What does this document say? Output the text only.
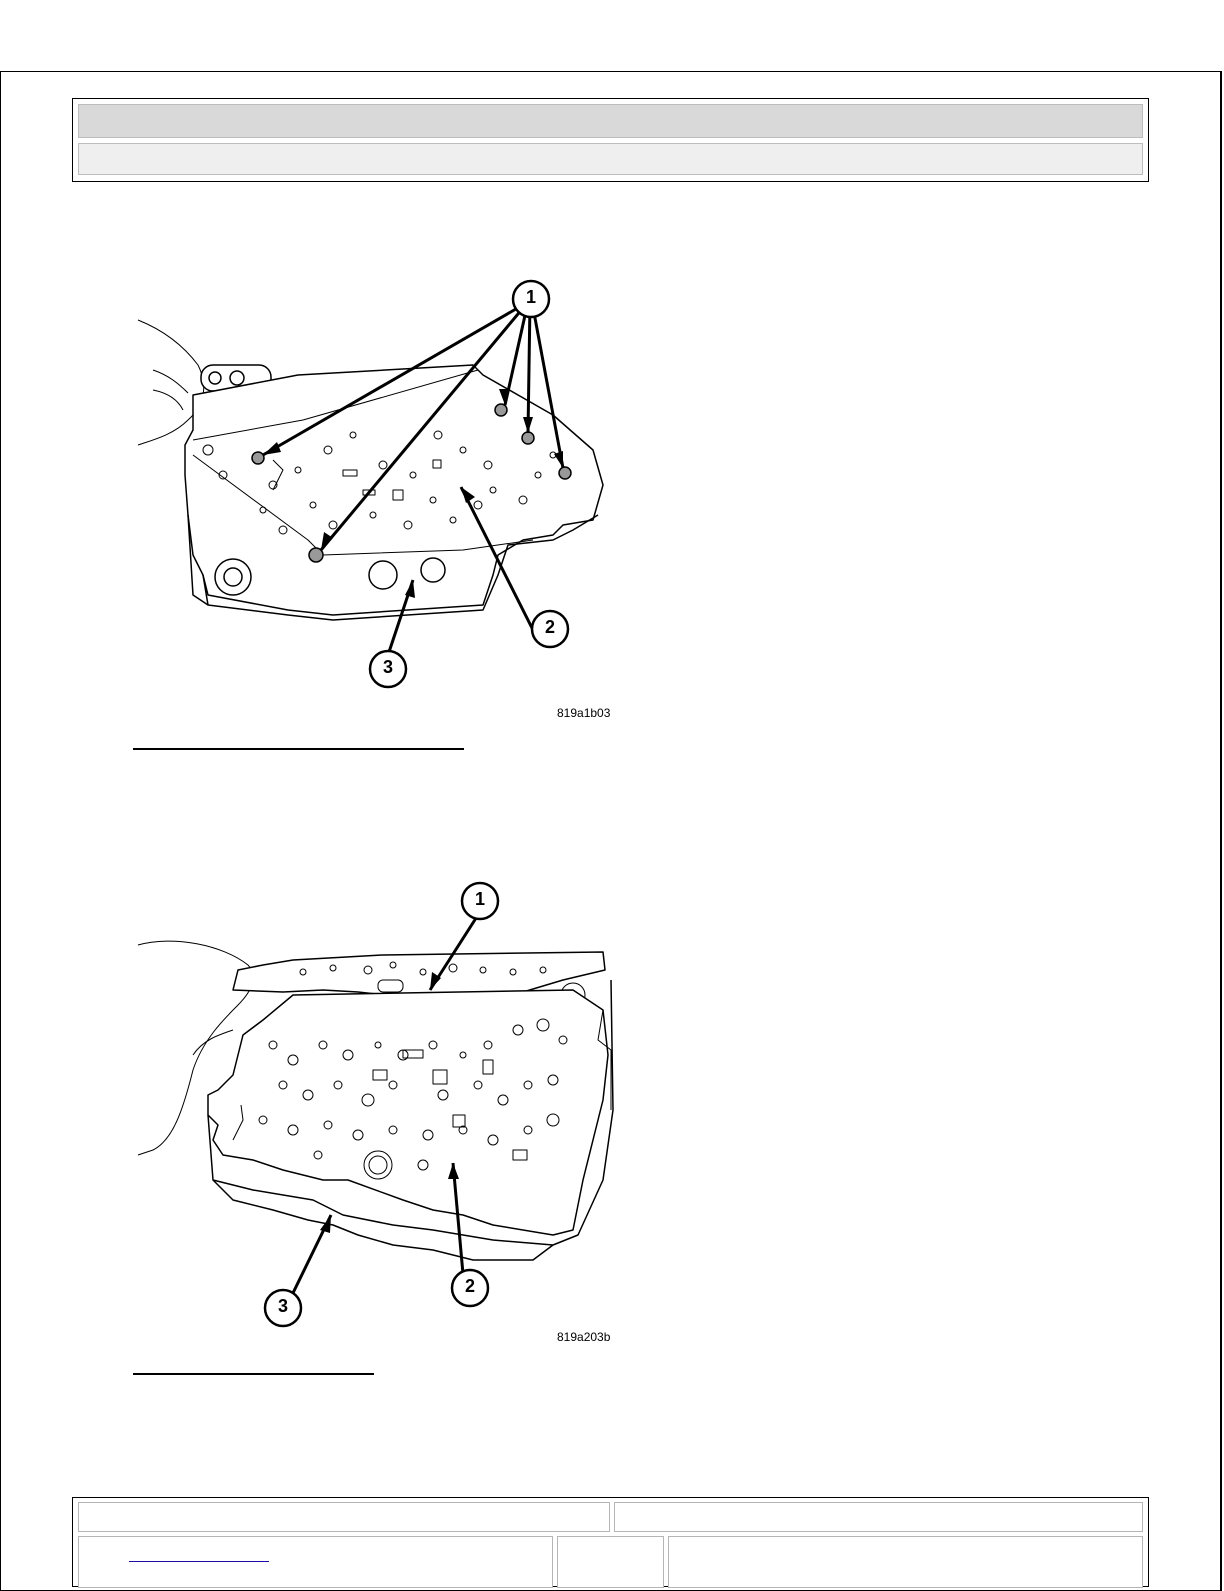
1
2
3
819a1b03
1
2
3
819a203b
